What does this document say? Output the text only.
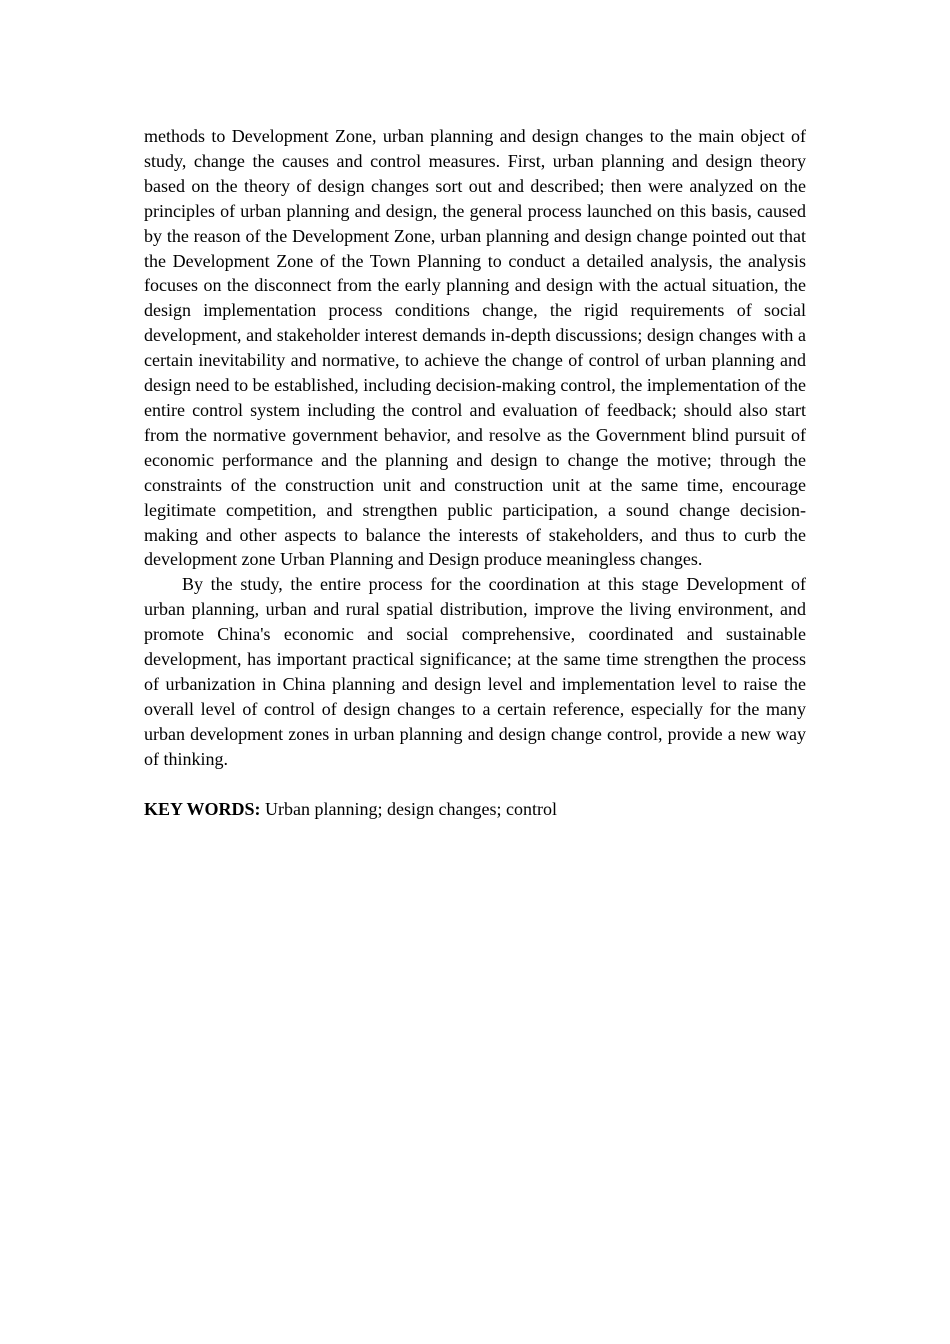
methods to Development Zone, urban planning and design changes to the main object of study, change the causes and control measures. First, urban planning and design theory based on the theory of design changes sort out and described; then were analyzed on the principles of urban planning and design, the general process launched on this basis, caused by the reason of the Development Zone, urban planning and design change pointed out that the Development Zone of the Town Planning to conduct a detailed analysis, the analysis focuses on the disconnect from the early planning and design with the actual situation, the design implementation process conditions change, the rigid requirements of social development, and stakeholder interest demands in-depth discussions; design changes with a certain inevitability and normative, to achieve the change of control of urban planning and design need to be established, including decision-making control, the implementation of the entire control system including the control and evaluation of feedback; should also start from the normative government behavior, and resolve as the Government blind pursuit of economic performance and the planning and design to change the motive; through the constraints of the construction unit and construction unit at the same time, encourage legitimate competition, and strengthen public participation, a sound change decision-making and other aspects to balance the interests of stakeholders, and thus to curb the development zone Urban Planning and Design produce meaningless changes.

By the study, the entire process for the coordination at this stage Development of urban planning, urban and rural spatial distribution, improve the living environment, and promote China's economic and social comprehensive, coordinated and sustainable development, has important practical significance; at the same time strengthen the process of urbanization in China planning and design level and implementation level to raise the overall level of control of design changes to a certain reference, especially for the many urban development zones in urban planning and design change control, provide a new way of thinking.

KEY WORDS: Urban planning; design changes; control
